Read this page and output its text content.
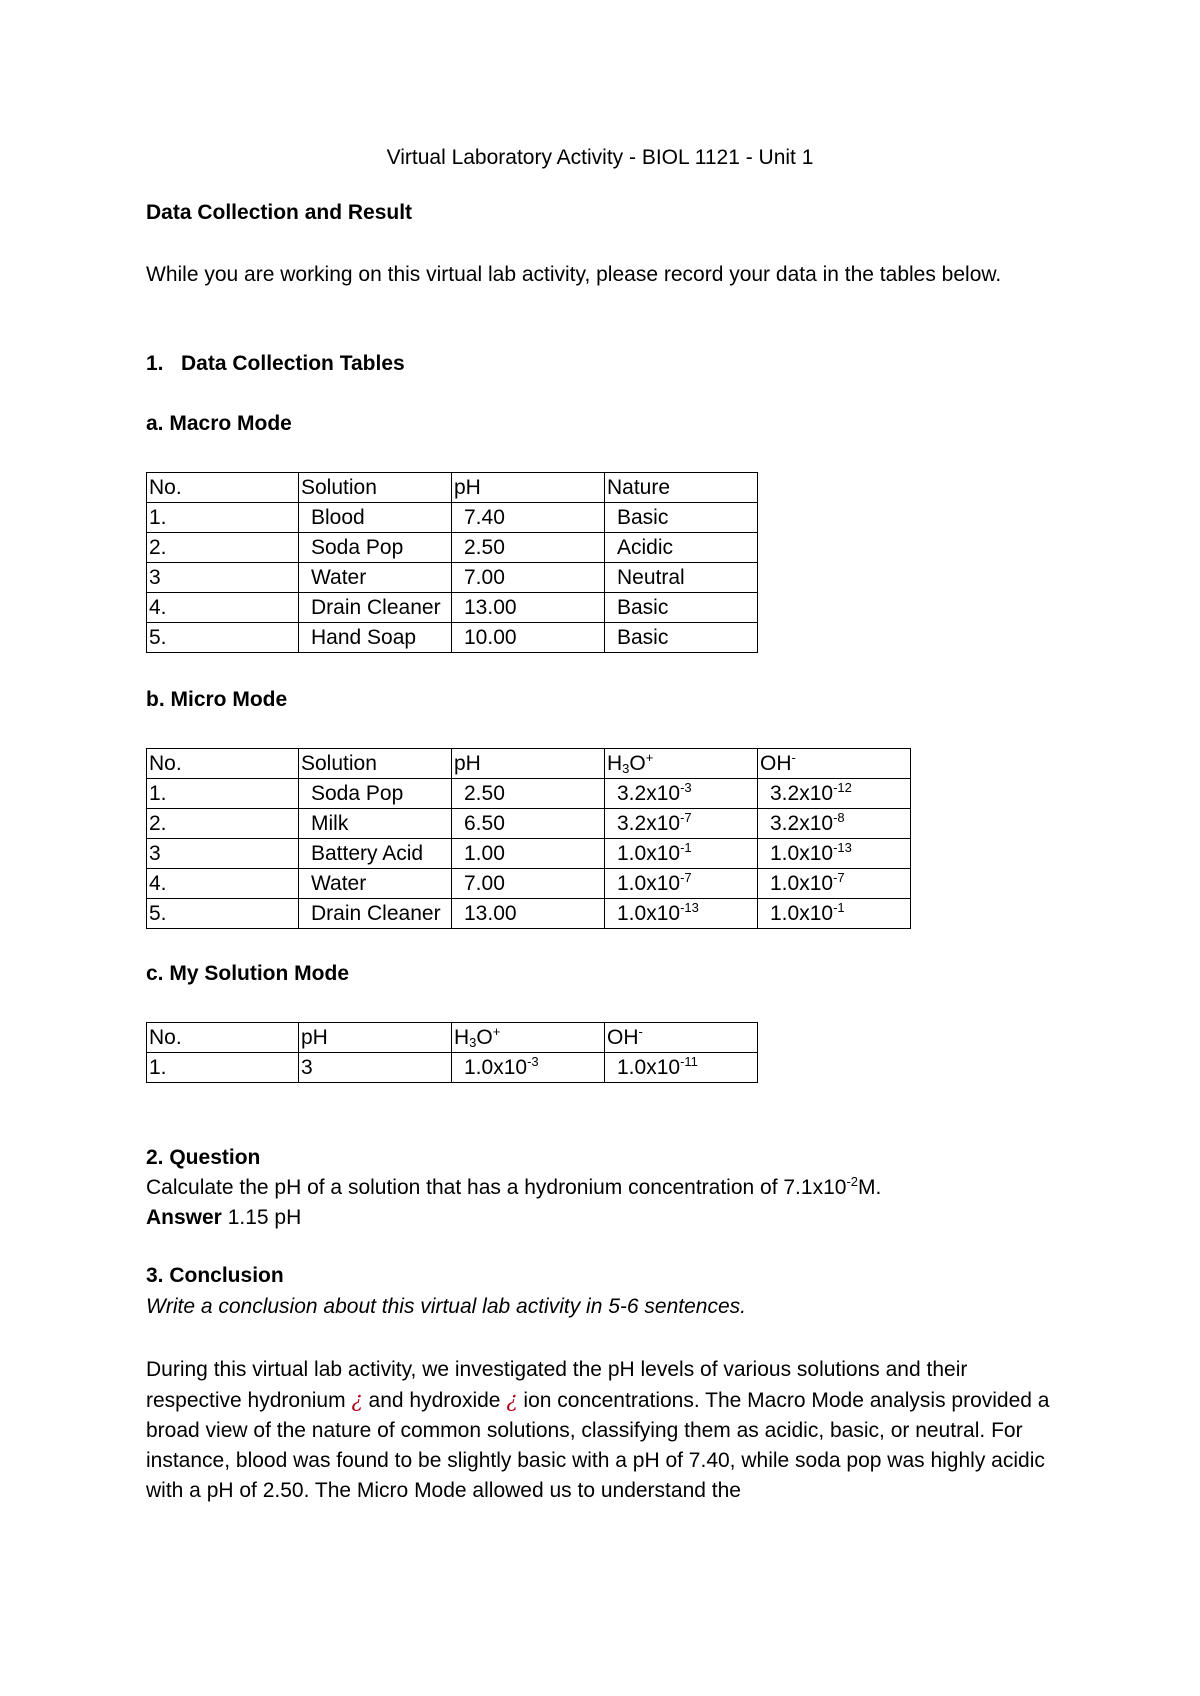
Virtual Laboratory Activity - BIOL 1121 - Unit 1
Data Collection and Result
While you are working on this virtual lab activity, please record your data in the tables below.
1.   Data Collection Tables
a. Macro Mode
No.	Solution	pH	Nature
1.	Blood	7.40	Basic
2.	Soda Pop	2.50	Acidic
3	Water	7.00	Neutral
4.	Drain Cleaner	13.00	Basic
5.	Hand Soap	10.00	Basic
b. Micro Mode
No.	Solution	pH	$H_3O^+$	OH-
1.	Soda Pop	2.50	$3.2x10^{-3}$	$3.2x10^{-12}$
2.	Milk	6.50	$3.2x10^{-7}$	$3.2x10^{-8}$
3	Battery Acid	1.00	$1.0x10^{-1}$	$1.0x10^{-13}$
4.	Water	7.00	$1.0x10^{-7}$	$1.0x10^{-7}$
5.	Drain Cleaner	13.00	$1.0x10^{-13}$	$1.0x10^{-1}$
c. My Solution Mode
No.	pH	$H_3O^+$	OH-
1.	3	$1.0x10^{-3}$	$1.0x10^{-11}$
2. Question
Calculate the pH of a solution that has a hydronium concentration of $7.1x10^{-2}M$.
Answer 1.15 pH
3. Conclusion
Write a conclusion about this virtual lab activity in 5-6 sentences.
During this virtual lab activity, we investigated the pH levels of various solutions and their respective hydronium ¿ and hydroxide ¿ ion concentrations. The Macro Mode analysis provided a broad view of the nature of common solutions, classifying them as acidic, basic, or neutral. For instance, blood was found to be slightly basic with a pH of 7.40, while soda pop was highly acidic with a pH of 2.50. The Micro Mode allowed us to understand the
